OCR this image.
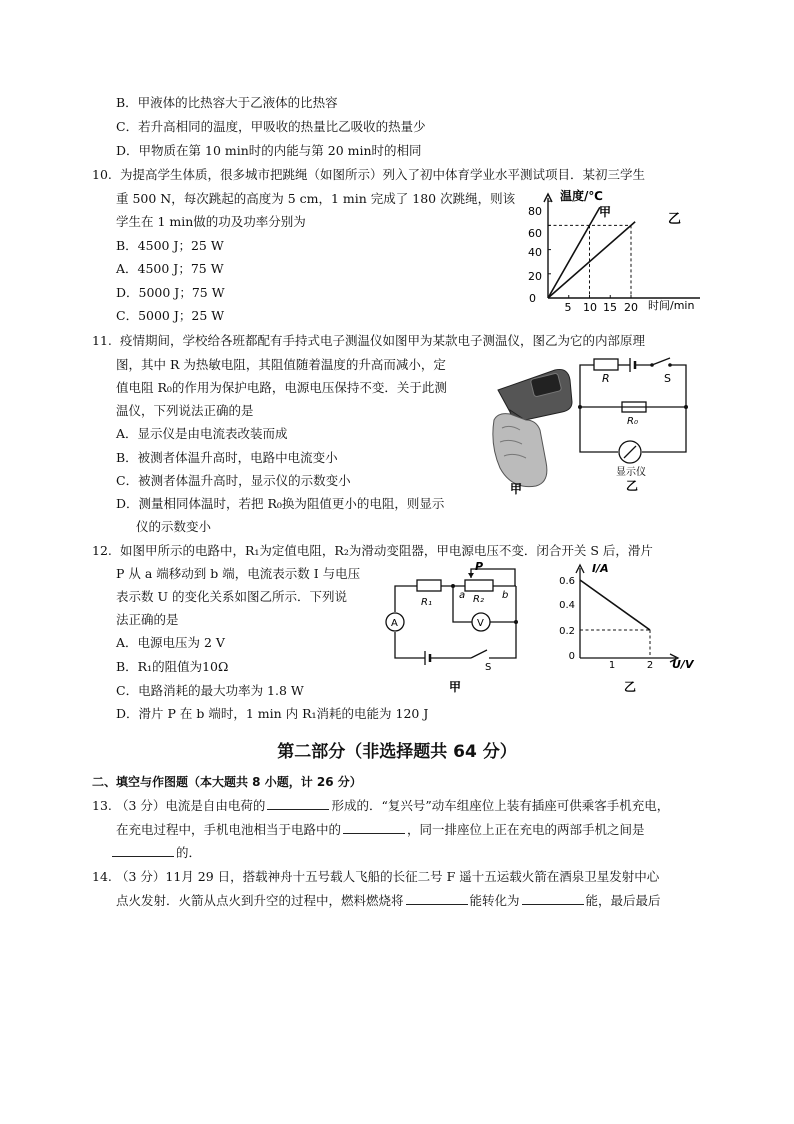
B．甲液体的比热容大于乙液体的比热容
C．若升高相同的温度，甲吸收的热量比乙吸收的热量少
D．甲物质在第 10 min时的内能与第 20 min时的相同
10. 为提高学生体质，很多城市把跳绳（如图所示）列入了初中体育学业水平测试项目．某初三学生
重 500 N，每次跳起的高度为 5 cm，1 min 完成了 180 次跳绳，则该
学生在 1 min做的功及功率分别为
B．4500 J；25 W
A．4500 J；75 W
D．5000 J；75 W
C．5000 J；25 W
温度/℃
时间/min
0
20
40
60
80
5 10 15 20
甲	乙
11. 疫情期间，学校给各班都配有手持式电子测温仪如图甲为某款电子测温仪，图乙为它的内部原理
图，其中 R 为热敏电阻，其阻值随着温度的升高而减小，定
值电阻 R₀的作用为保护电路，电源电压保持不变．关于此测
温仪，下列说法正确的是
A．显示仪是由电流表改装而成
B．被测者体温升高时，电路中电流变小
C．被测者体温升高时，显示仪的示数变小
D．测量相同体温时，若把 R₀换为阻值更小的电阻，则显示
仪的示数变小
甲
R	S
R₀
显示仪
乙
12. 如图甲所示的电路中，R₁为定值电阻，R₂为滑动变阻器，甲电源电压不变．闭合开关 S 后，滑片
P 从 a 端移动到 b 端，电流表示数 I 与电压
表示数 U 的变化关系如图乙所示．下列说
法正确的是
A．电源电压为 2 V
B．R₁的阻值为10Ω
C．电路消耗的最大功率为 1.8 W
D．滑片 P 在 b 端时，1 min 内 R₁消耗的电能为 120 J
P
R₁	R₂
a	b
A	V
S
甲
I/A
U/V
0.6
0.4
0.2
0
1	2
乙
第二部分（非选择题共 64 分）
二、填空与作图题（本大题共 8 小题，计 26 分）
13. （3 分）电流是自由电荷的	形成的．“复兴号”动车组座位上装有插座可供乘客手机充电，
在充电过程中，手机电池相当于电路中的	，同一排座位上正在充电的两部手机之间是
的．
14. （3 分）11月 29 日，搭载神舟十五号载人飞船的长征二号 F 遥十五运载火箭在酒泉卫星发射中心
点火发射．火箭从点火到升空的过程中，燃料燃烧将	能转化为	能，最后最后
